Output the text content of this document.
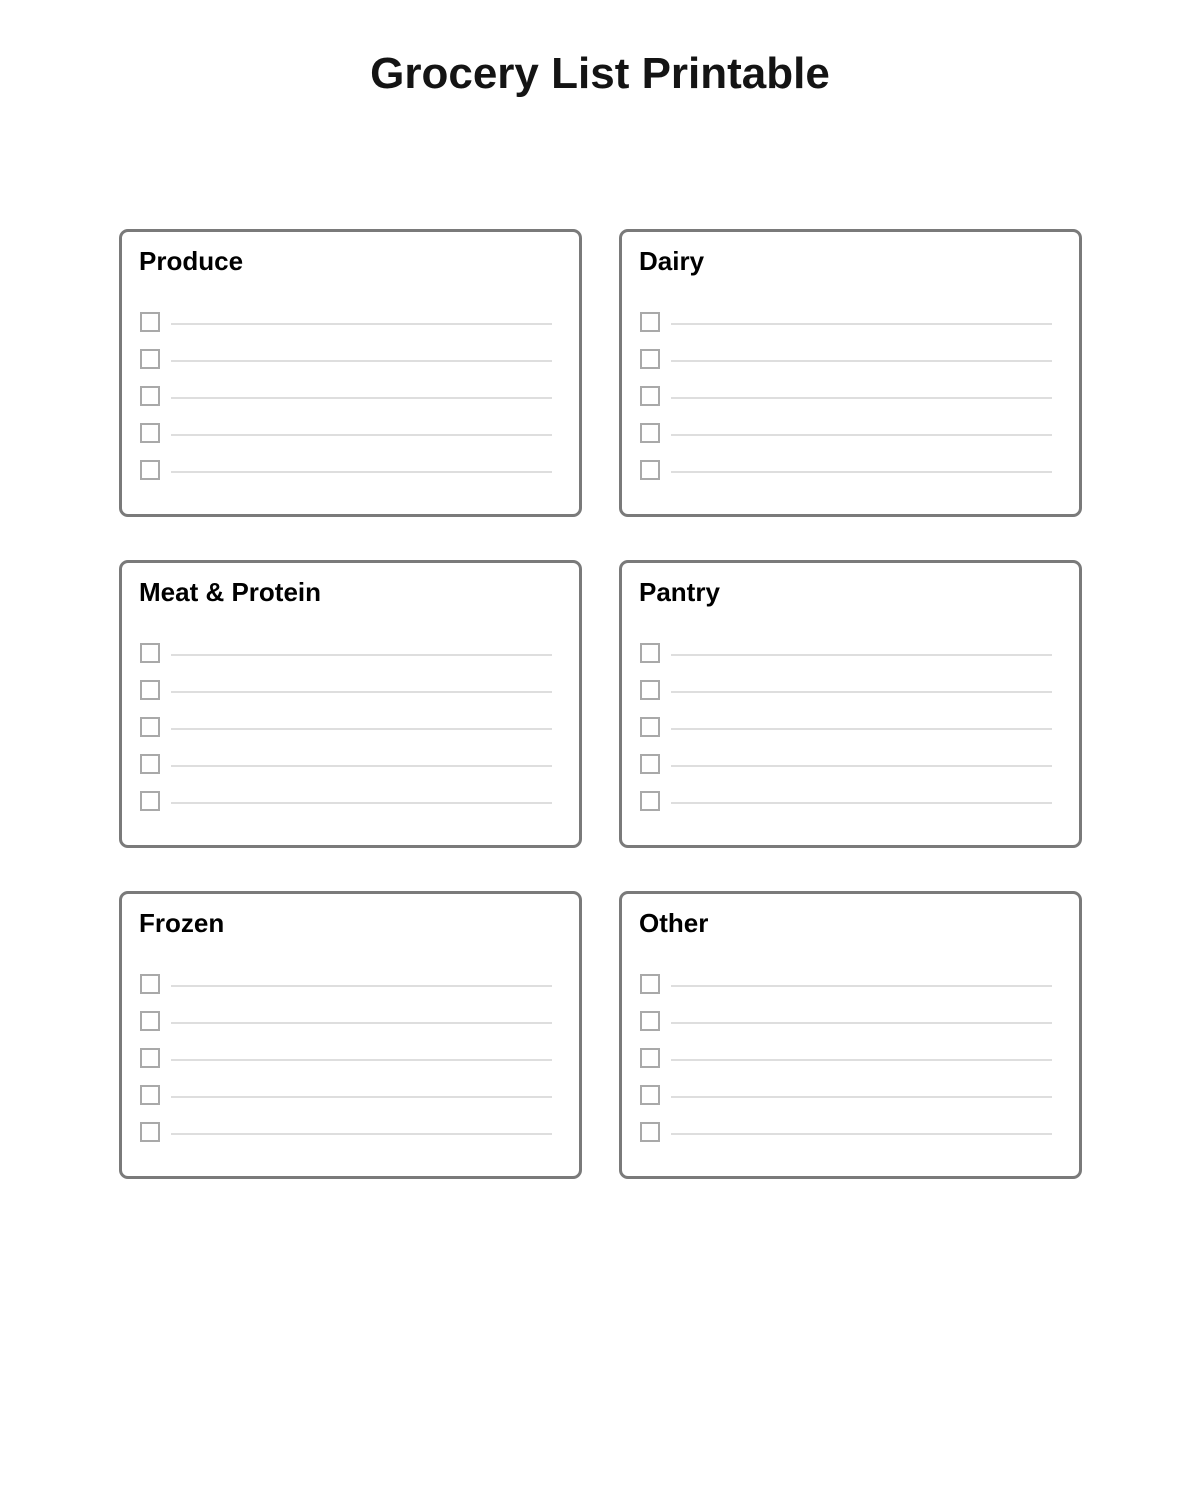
Grocery List Printable
Produce	Dairy
Meat & Protein	Pantry
Frozen	Other
